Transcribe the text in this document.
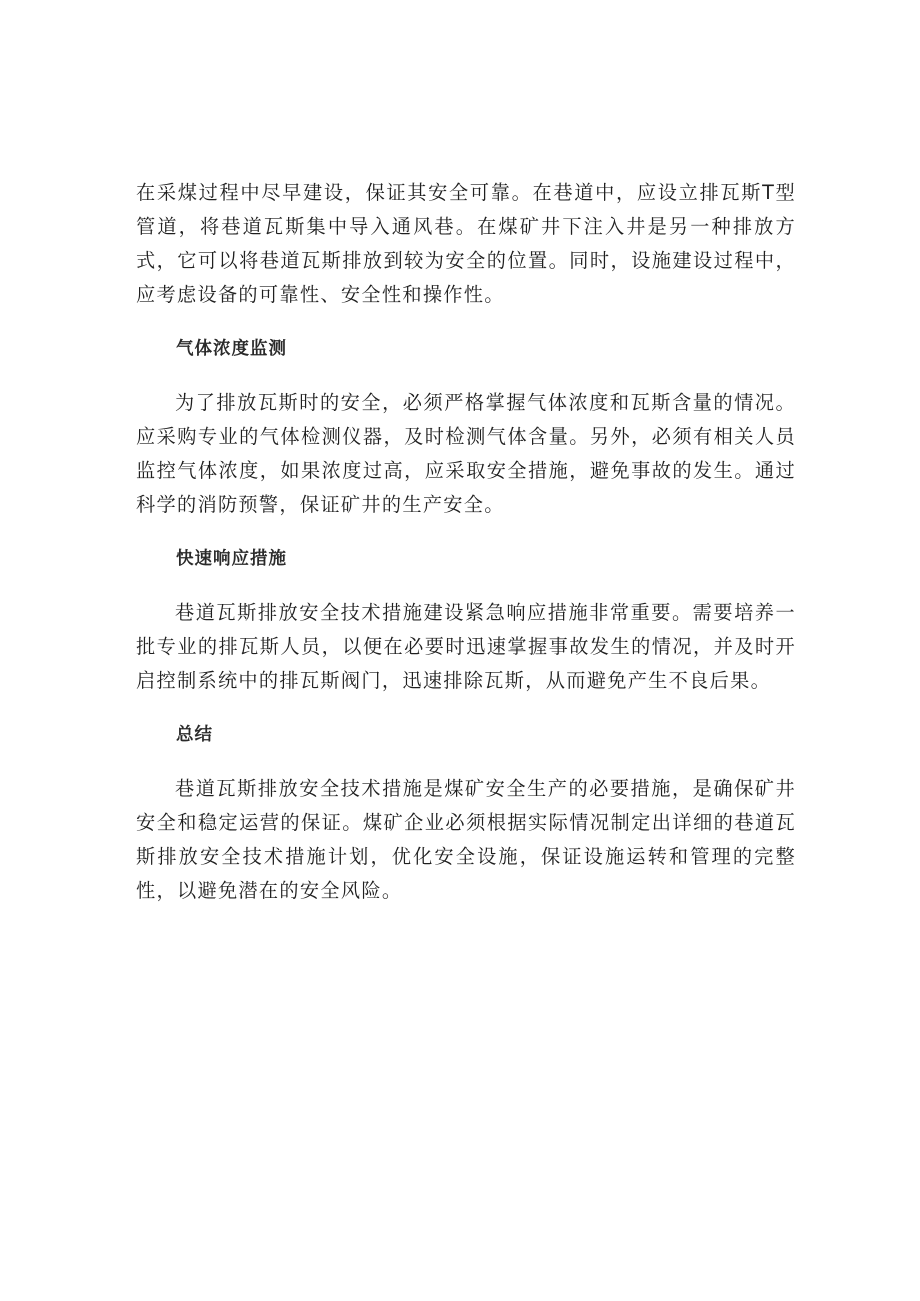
在采煤过程中尽早建设，保证其安全可靠。在巷道中，应设立排瓦斯T型管道，将巷道瓦斯集中导入通风巷。在煤矿井下注入井是另一种排放方式，它可以将巷道瓦斯排放到较为安全的位置。同时，设施建设过程中，应考虑设备的可靠性、安全性和操作性。

气体浓度监测

为了排放瓦斯时的安全，必须严格掌握气体浓度和瓦斯含量的情况。应采购专业的气体检测仪器，及时检测气体含量。另外，必须有相关人员监控气体浓度，如果浓度过高，应采取安全措施，避免事故的发生。通过科学的消防预警，保证矿井的生产安全。

快速响应措施

巷道瓦斯排放安全技术措施建设紧急响应措施非常重要。需要培养一批专业的排瓦斯人员，以便在必要时迅速掌握事故发生的情况，并及时开启控制系统中的排瓦斯阀门，迅速排除瓦斯，从而避免产生不良后果。

总结

巷道瓦斯排放安全技术措施是煤矿安全生产的必要措施，是确保矿井安全和稳定运营的保证。煤矿企业必须根据实际情况制定出详细的巷道瓦斯排放安全技术措施计划，优化安全设施，保证设施运转和管理的完整性，以避免潜在的安全风险。
